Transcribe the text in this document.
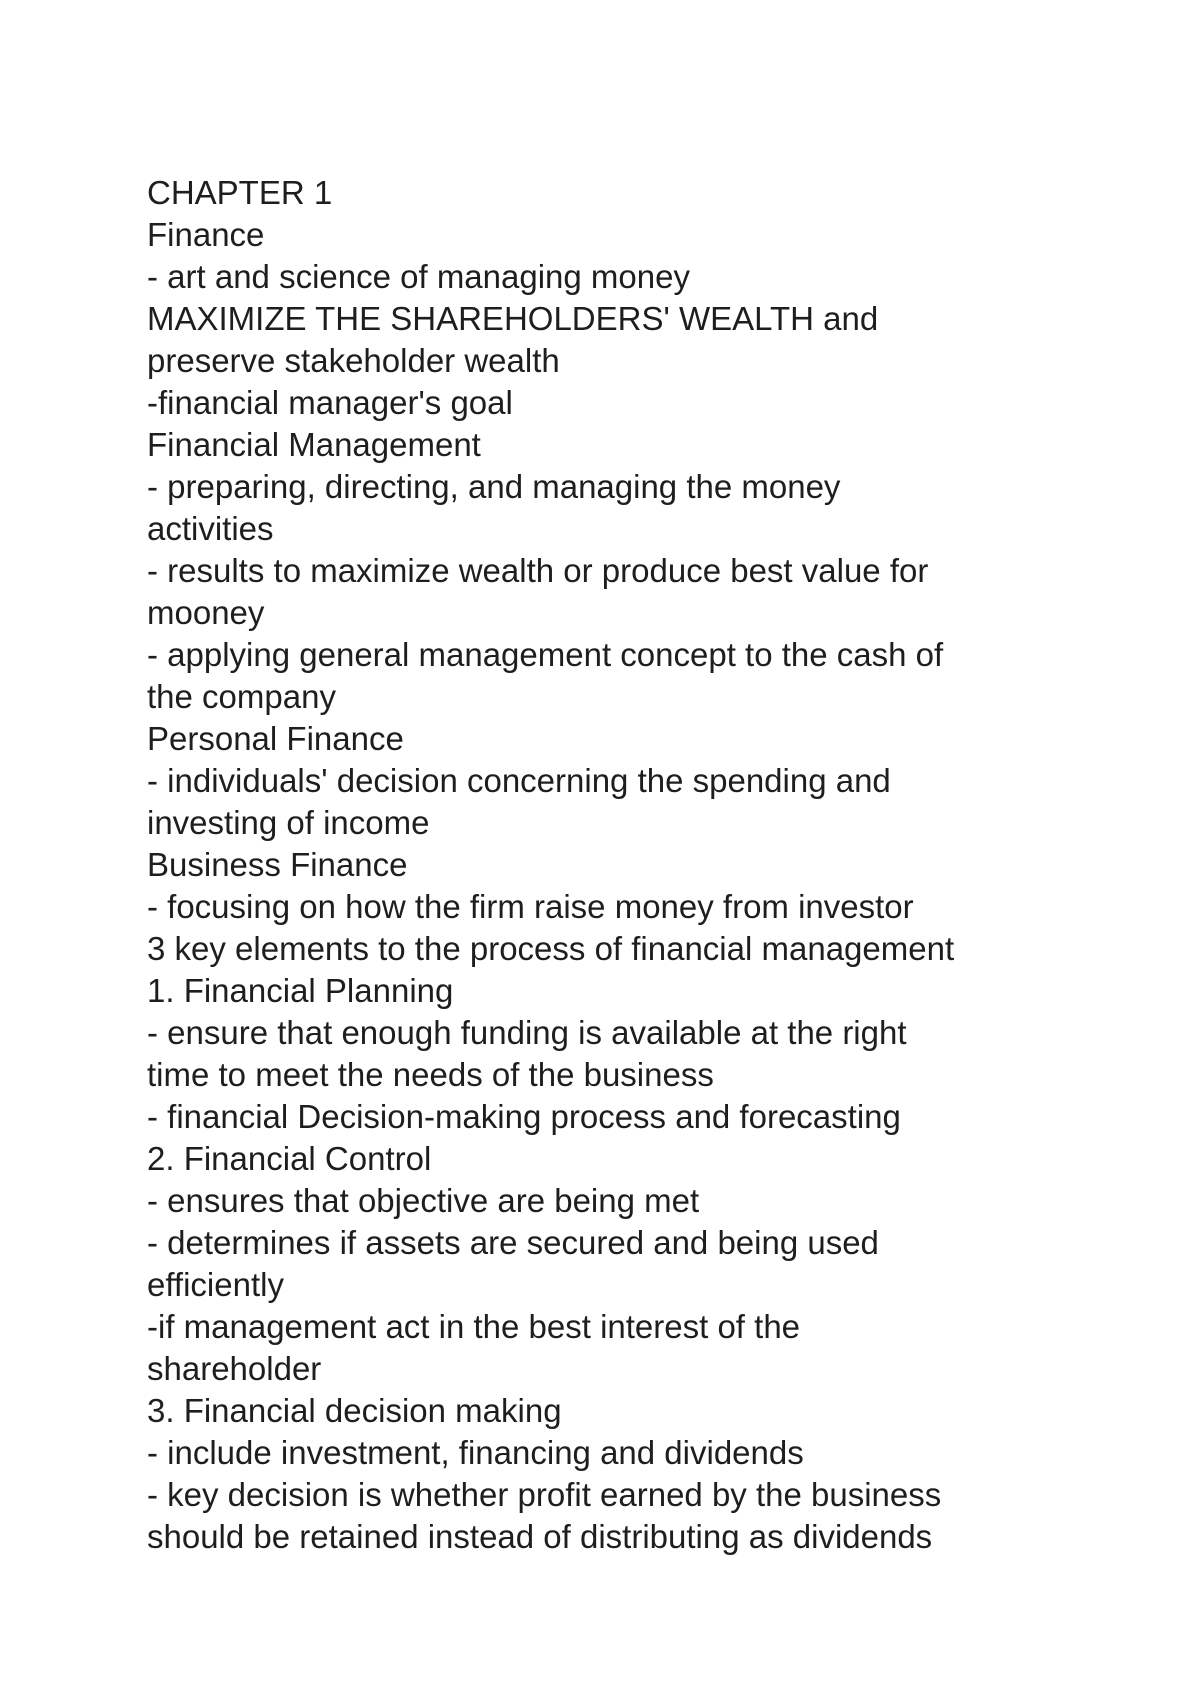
CHAPTER 1

Finance

- art and science of managing money

MAXIMIZE THE SHAREHOLDERS' WEALTH and

preserve stakeholder wealth

-financial manager's goal

Financial Management

- preparing, directing, and managing the money

activities

- results to maximize wealth or produce best value for

mooney

- applying general management concept to the cash of

the company

Personal Finance

- individuals' decision concerning the spending and

investing of income

Business Finance

- focusing on how the firm raise money from investor

3 key elements to the process of financial management

1. Financial Planning

- ensure that enough funding is available at the right

time to meet the needs of the business

- financial Decision-making process and forecasting

2. Financial Control

- ensures that objective are being met

- determines if assets are secured and being used

efficiently

-if management act in the best interest of the

shareholder

3. Financial decision making

- include investment, financing and dividends

- key decision is whether profit earned by the business

should be retained instead of distributing as dividends
